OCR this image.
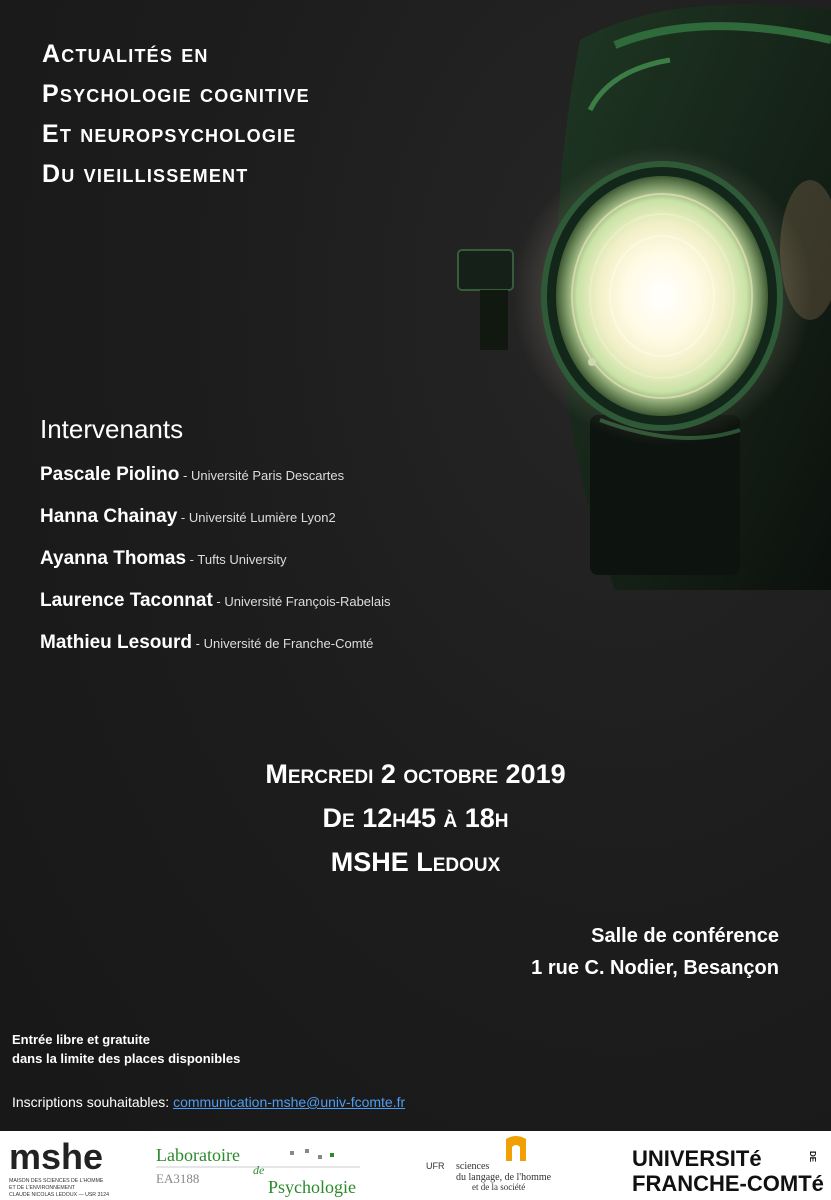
Actualités en
Psychologie cognitive
Et neuropsychologie
Du vieillissement
Intervenants
Pascale Piolino - Université Paris Descartes
Hanna Chainay - Université Lumière Lyon2
Ayanna Thomas - Tufts University
Laurence Taconnat - Université François-Rabelais
Mathieu Lesourd - Université de Franche-Comté
Mercredi 2 octobre 2019
De 12h45 à 18h
MSHE Ledoux
Salle de conférence
1 rue C. Nodier, Besançon
Entrée libre et gratuite
dans la limite des places disponibles
Inscriptions souhaitables: communication-mshe@univ-fcomte.fr
mshe
MAISON DES SCIENCES DE L'HOMME
ET DE L'ENVIRONNEMENT
CLAUDE NICOLAS LEDOUX — USR 3124
Laboratoire
EA3188
de
Psychologie
UFR sciences
du langage, de l'homme
et de la société
UNIVERSITé
FRANCHE-COMTé
DE
